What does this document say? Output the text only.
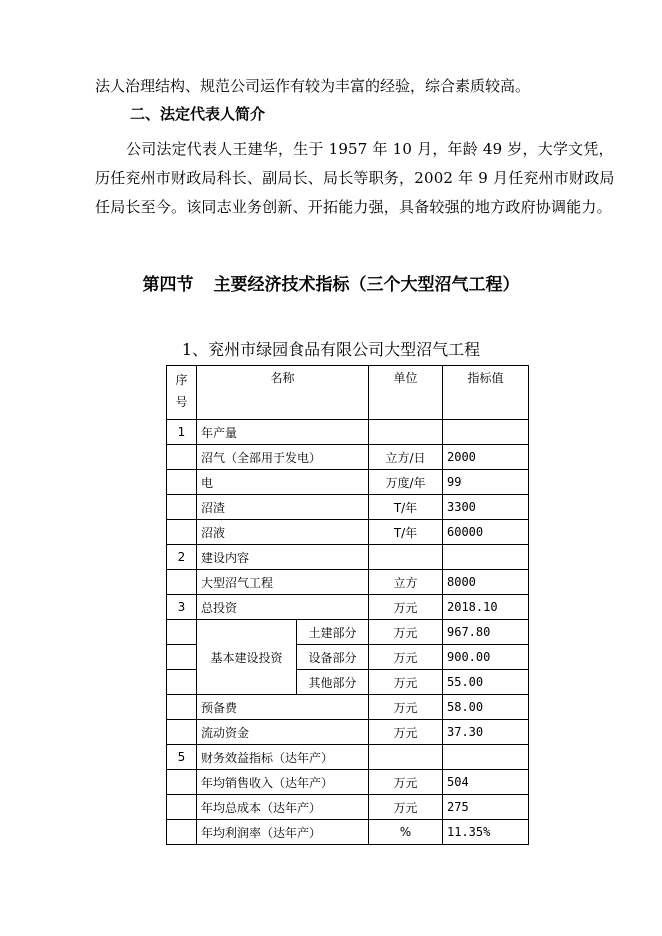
法人治理结构、规范公司运作有较为丰富的经验，综合素质较高。

二、法定代表人简介

公司法定代表人王建华，生于 1957 年 10 月，年龄 49 岁，大学文凭，历任兖州市财政局科长、副局长、局长等职务，2002 年 9 月任兖州市财政局任局长至今。该同志业务创新、开拓能力强，具备较强的地方政府协调能力。

第四节 主要经济技术指标（三个大型沼气工程）

1、兖州市绿园食品有限公司大型沼气工程

序号	名称		单位	指标值
1	年产量			
	沼气（全部用于发电）		立方/日	2000
	电		万度/年	99
	沼渣		T/年	3300
	沼液		T/年	60000
2	建设内容			
	大型沼气工程		立方	8000
3	总投资		万元	2018.10
	基本建设投资	土建部分	万元	967.80
		设备部分	万元	900.00
		其他部分	万元	55.00
	预备费		万元	58.00
	流动资金		万元	37.30
5	财务效益指标（达年产）			
	年均销售收入（达年产）		万元	504
	年均总成本（达年产）		万元	275
	年均利润率（达年产）		%	11.35%
